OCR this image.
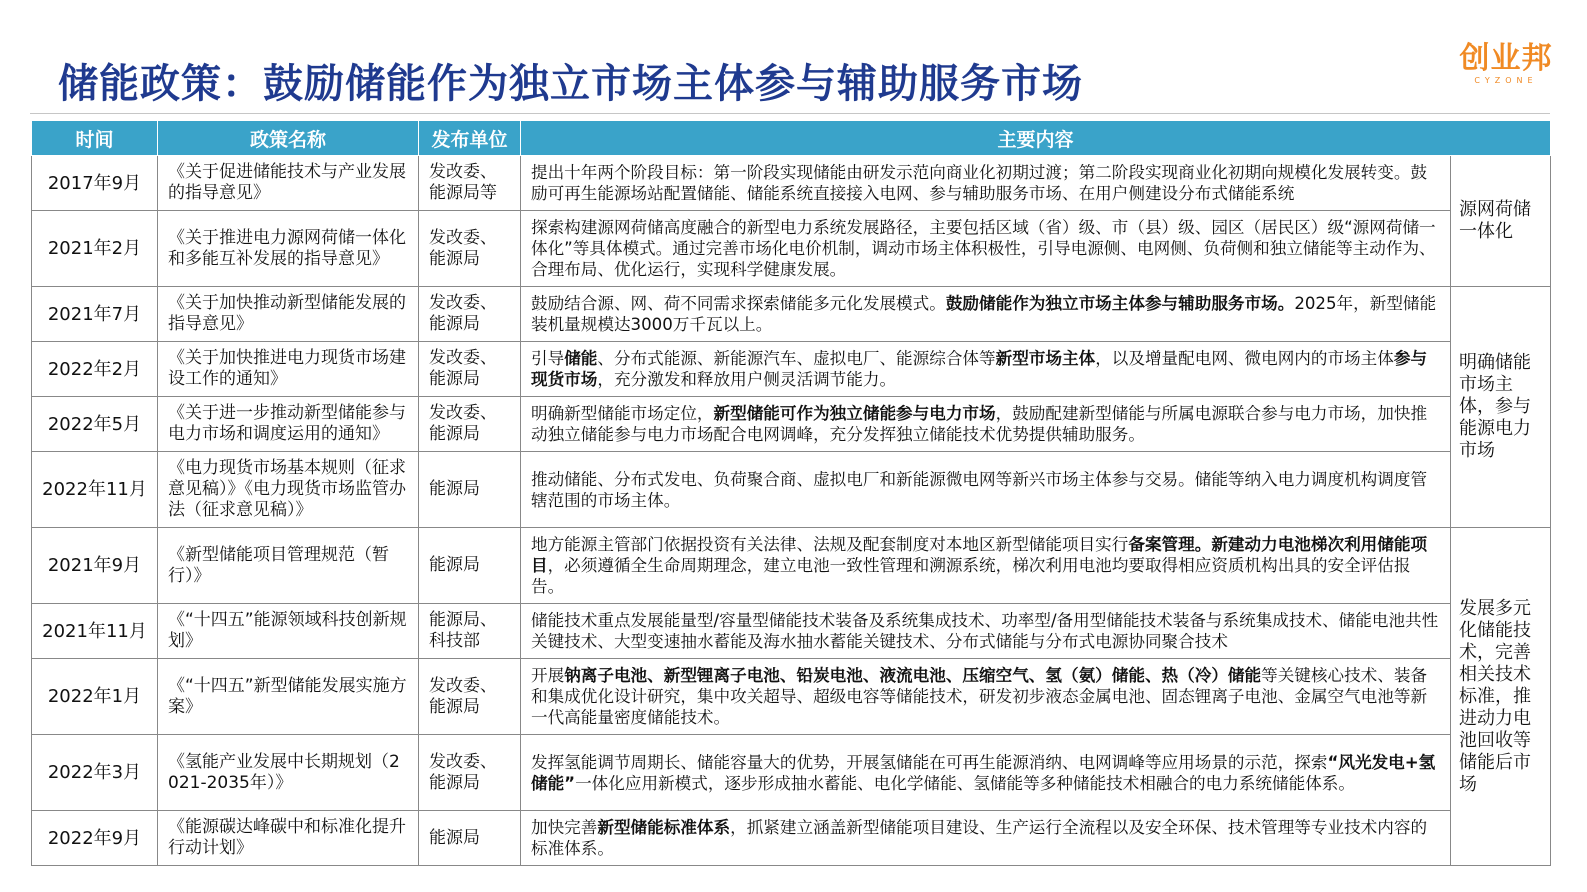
储能政策：鼓励储能作为独立市场主体参与辅助服务市场
创业邦
CYZONE
时间	政策名称	发布单位	主要内容	
2017年9月	《关于促进储能技术与产业发展的指导意见》	发改委、能源局等	提出十年两个阶段目标：第一阶段实现储能由研发示范向商业化初期过渡；第二阶段实现商业化初期向规模化发展转变。鼓励可再生能源场站配置储能、储能系统直接接入电网、参与辅助服务市场、在用户侧建设分布式储能系统	源网荷储一体化
2021年2月	《关于推进电力源网荷储一体化和多能互补发展的指导意见》	发改委、能源局	探索构建源网荷储高度融合的新型电力系统发展路径，主要包括区域（省）级、市（县）级、园区（居民区）级“源网荷储一体化”等具体模式。通过完善市场化电价机制，调动市场主体积极性，引导电源侧、电网侧、负荷侧和独立储能等主动作为、合理布局、优化运行，实现科学健康发展。	
2021年7月	《关于加快推动新型储能发展的指导意见》	发改委、能源局	鼓励结合源、网、荷不同需求探索储能多元化发展模式。鼓励储能作为独立市场主体参与辅助服务市场。2025年，新型储能装机量规模达3000万千瓦以上。	明确储能市场主体，参与能源电力市场
2022年2月	《关于加快推进电力现货市场建设工作的通知》	发改委、能源局	引导储能、分布式能源、新能源汽车、虚拟电厂、能源综合体等新型市场主体，以及增量配电网、微电网内的市场主体参与现货市场，充分激发和释放用户侧灵活调节能力。	
2022年5月	《关于进一步推动新型储能参与电力市场和调度运用的通知》	发改委、能源局	明确新型储能市场定位，新型储能可作为独立储能参与电力市场，鼓励配建新型储能与所属电源联合参与电力市场，加快推动独立储能参与电力市场配合电网调峰，充分发挥独立储能技术优势提供辅助服务。	
2022年11月	《电力现货市场基本规则（征求意见稿）》《电力现货市场监管办法（征求意见稿）》	能源局	推动储能、分布式发电、负荷聚合商、虚拟电厂和新能源微电网等新兴市场主体参与交易。储能等纳入电力调度机构调度管辖范围的市场主体。	
2021年9月	《新型储能项目管理规范（暂行）》	能源局	地方能源主管部门依据投资有关法律、法规及配套制度对本地区新型储能项目实行备案管理。新建动力电池梯次利用储能项目，必须遵循全生命周期理念，建立电池一致性管理和溯源系统，梯次利用电池均要取得相应资质机构出具的安全评估报告。	发展多元化储能技术，完善相关技术标准，推进动力电池回收等储能后市场
2021年11月	《“十四五”能源领域科技创新规划》	能源局、科技部	储能技术重点发展能量型/容量型储能技术装备及系统集成技术、功率型/备用型储能技术装备与系统集成技术、储能电池共性关键技术、大型变速抽水蓄能及海水抽水蓄能关键技术、分布式储能与分布式电源协同聚合技术	
2022年1月	《“十四五”新型储能发展实施方案》	发改委、能源局	开展钠离子电池、新型锂离子电池、铅炭电池、液流电池、压缩空气、氢（氨）储能、热（冷）储能等关键核心技术、装备和集成优化设计研究，集中攻关超导、超级电容等储能技术，研发初步液态金属电池、固态锂离子电池、金属空气电池等新一代高能量密度储能技术。	
2022年3月	《氢能产业发展中长期规划（2021-2035年）》	发改委、能源局	发挥氢能调节周期长、储能容量大的优势，开展氢储能在可再生能源消纳、电网调峰等应用场景的示范，探索“风光发电+氢储能”一体化应用新模式，逐步形成抽水蓄能、电化学储能、氢储能等多种储能技术相融合的电力系统储能体系。	
2022年9月	《能源碳达峰碳中和标准化提升行动计划》	能源局	加快完善新型储能标准体系，抓紧建立涵盖新型储能项目建设、生产运行全流程以及安全环保、技术管理等专业技术内容的标准体系。	
